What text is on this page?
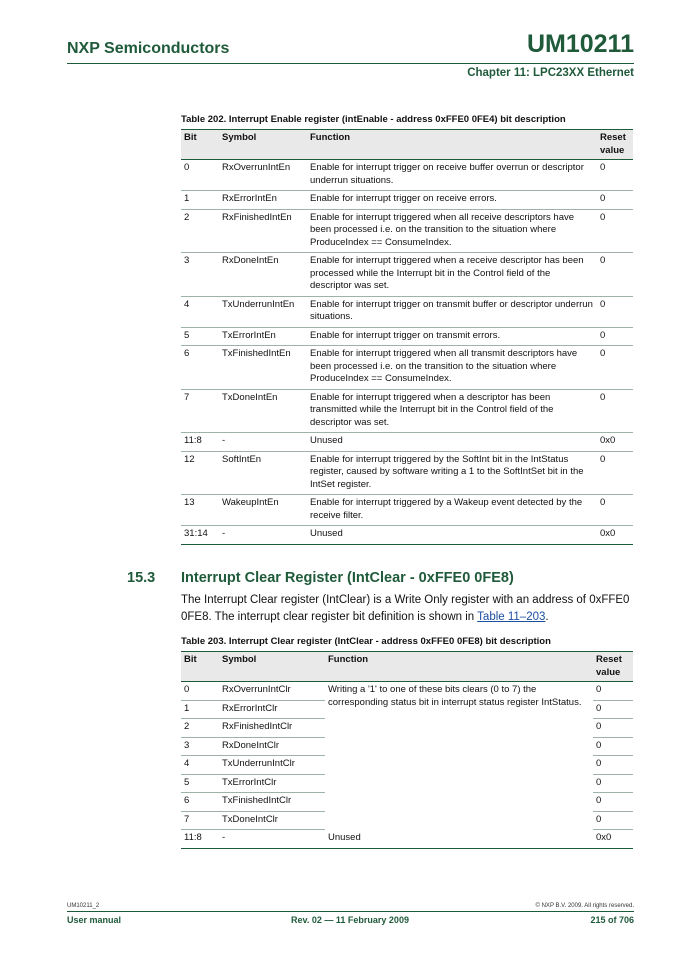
NXP Semiconductors	UM10211
Chapter 11: LPC23XX Ethernet
Table 202. Interrupt Enable register (intEnable - address 0xFFE0 0FE4) bit description
Bit	Symbol	Function	Reset value
0	RxOverrunIntEn	Enable for interrupt trigger on receive buffer overrun or descriptor underrun situations.	0
1	RxErrorIntEn	Enable for interrupt trigger on receive errors.	0
2	RxFinishedIntEn	Enable for interrupt triggered when all receive descriptors have been processed i.e. on the transition to the situation where ProduceIndex == ConsumeIndex.	0
3	RxDoneIntEn	Enable for interrupt triggered when a receive descriptor has been processed while the Interrupt bit in the Control field of the descriptor was set.	0
4	TxUnderrunIntEn	Enable for interrupt trigger on transmit buffer or descriptor underrun situations.	0
5	TxErrorIntEn	Enable for interrupt trigger on transmit errors.	0
6	TxFinishedIntEn	Enable for interrupt triggered when all transmit descriptors have been processed i.e. on the transition to the situation where ProduceIndex == ConsumeIndex.	0
7	TxDoneIntEn	Enable for interrupt triggered when a descriptor has been transmitted while the Interrupt bit in the Control field of the descriptor was set.	0
11:8	-	Unused	0x0
12	SoftIntEn	Enable for interrupt triggered by the SoftInt bit in the IntStatus register, caused by software writing a 1 to the SoftIntSet bit in the IntSet register.	0
13	WakeupIntEn	Enable for interrupt triggered by a Wakeup event detected by the receive filter.	0
31:14	-	Unused	0x0
15.3 Interrupt Clear Register (IntClear - 0xFFE0 0FE8)
The Interrupt Clear register (IntClear) is a Write Only register with an address of 0xFFE0 0FE8. The interrupt clear register bit definition is shown in Table 11–203.
Table 203. Interrupt Clear register (IntClear - address 0xFFE0 0FE8) bit description
Bit	Symbol	Function	Reset value
0	RxOverrunIntClr	Writing a '1' to one of these bits clears (0 to 7) the corresponding status bit in interrupt status register IntStatus.	0
1	RxErrorIntClr		0
2	RxFinishedIntClr		0
3	RxDoneIntClr		0
4	TxUnderrunIntClr		0
5	TxErrorIntClr		0
6	TxFinishedIntClr		0
7	TxDoneIntClr		0
11:8	-	Unused	0x0
UM10211_2	© NXP B.V. 2009. All rights reserved.
User manual	Rev. 02 — 11 February 2009	215 of 706
